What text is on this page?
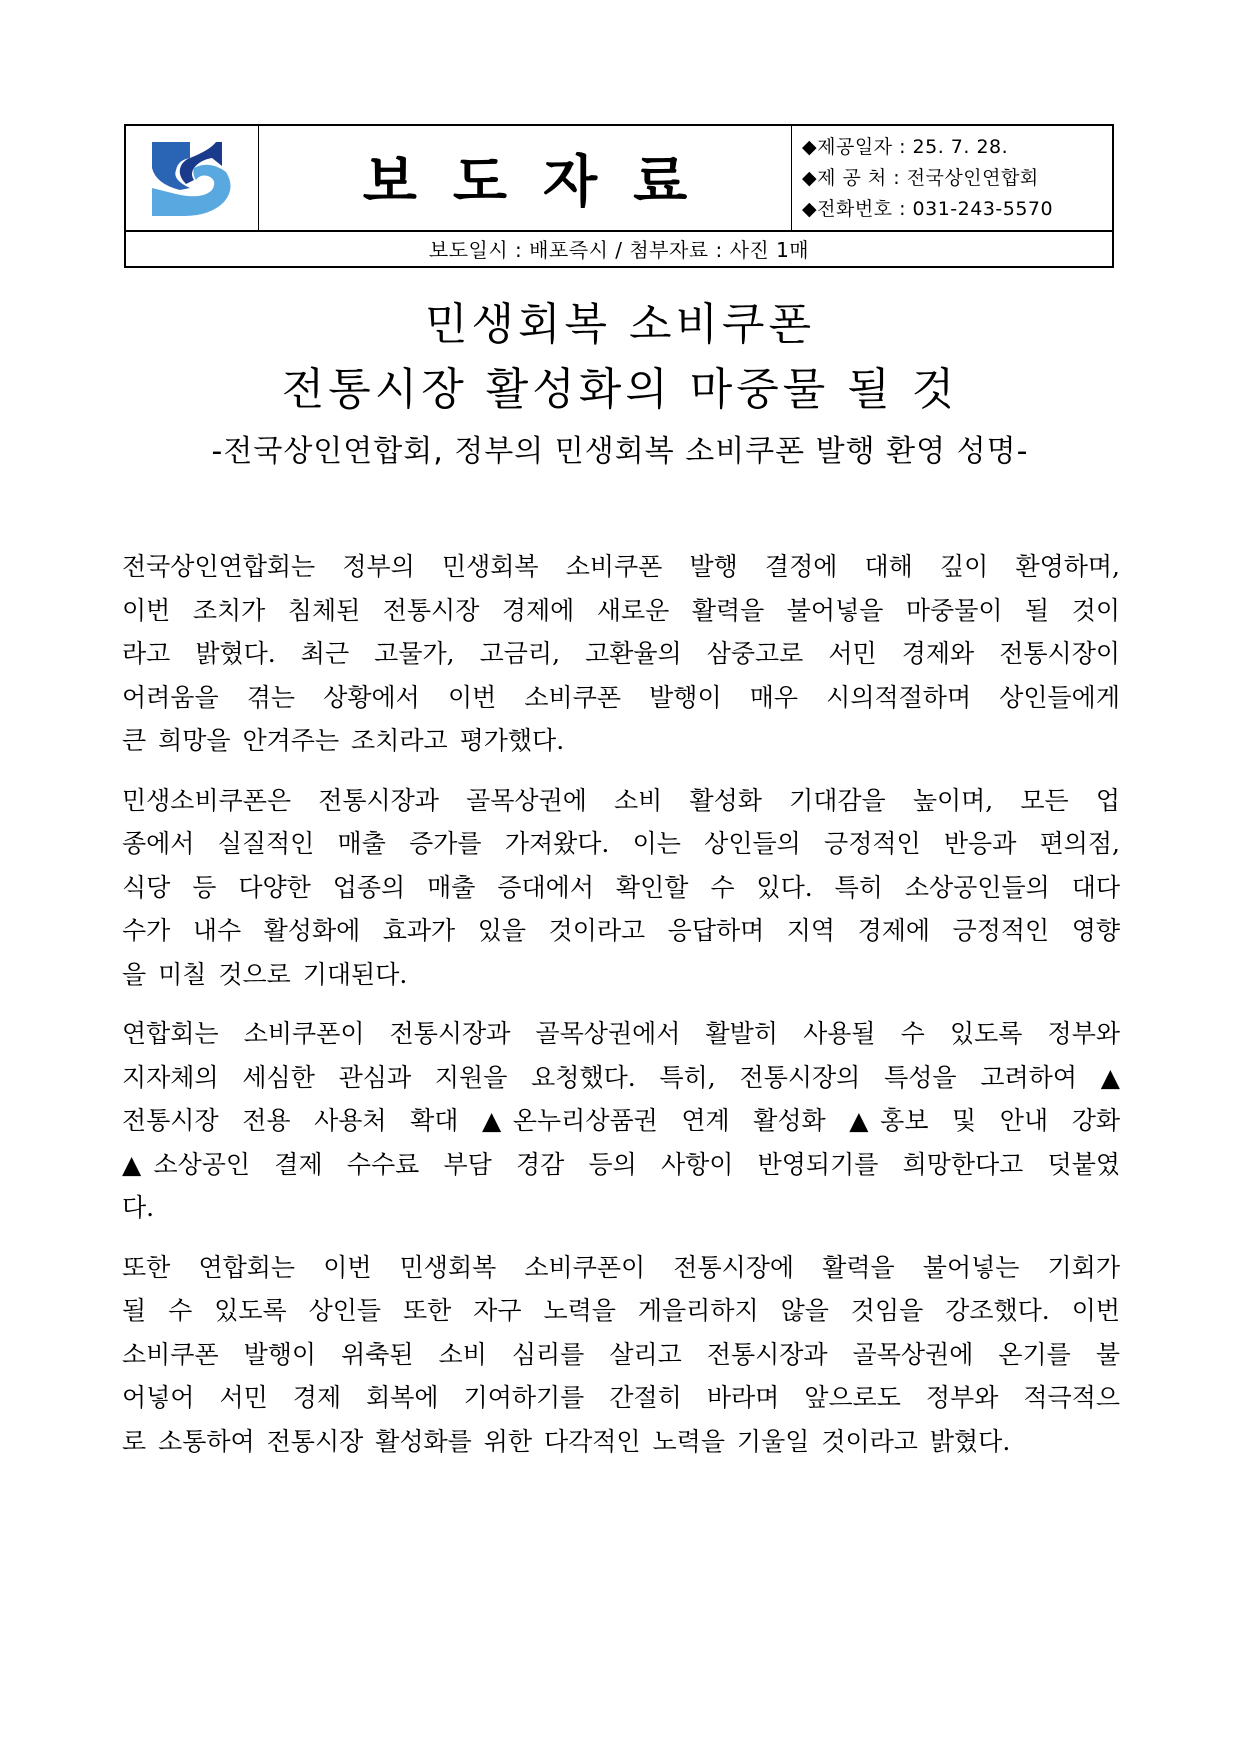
보도자료
◆제공일자 : 25. 7. 28.
◆제 공 처 : 전국상인연합회
◆전화번호 : 031-243-5570
보도일시 : 배포즉시 / 첨부자료 : 사진 1매
민생회복 소비쿠폰
전통시장 활성화의 마중물 될 것
-전국상인연합회, 정부의 민생회복 소비쿠폰 발행 환영 성명-

전국상인연합회는 정부의 민생회복 소비쿠폰 발행 결정에 대해 깊이 환영하며,
이번 조치가 침체된 전통시장 경제에 새로운 활력을 불어넣을 마중물이 될 것이
라고 밝혔다. 최근 고물가, 고금리, 고환율의 삼중고로 서민 경제와 전통시장이
어려움을 겪는 상황에서 이번 소비쿠폰 발행이 매우 시의적절하며 상인들에게
큰 희망을 안겨주는 조치라고 평가했다.

민생소비쿠폰은 전통시장과 골목상권에 소비 활성화 기대감을 높이며, 모든 업
종에서 실질적인 매출 증가를 가져왔다. 이는 상인들의 긍정적인 반응과 편의점,
식당 등 다양한 업종의 매출 증대에서 확인할 수 있다. 특히 소상공인들의 대다
수가 내수 활성화에 효과가 있을 것이라고 응답하며 지역 경제에 긍정적인 영향
을 미칠 것으로 기대된다.

연합회는 소비쿠폰이 전통시장과 골목상권에서 활발히 사용될 수 있도록 정부와
지자체의 세심한 관심과 지원을 요청했다. 특히, 전통시장의 특성을 고려하여 ▲
전통시장 전용 사용처 확대 ▲온누리상품권 연계 활성화 ▲홍보 및 안내 강화
▲소상공인 결제 수수료 부담 경감 등의 사항이 반영되기를 희망한다고 덧붙였
다.

또한 연합회는 이번 민생회복 소비쿠폰이 전통시장에 활력을 불어넣는 기회가
될 수 있도록 상인들 또한 자구 노력을 게을리하지 않을 것임을 강조했다. 이번
소비쿠폰 발행이 위축된 소비 심리를 살리고 전통시장과 골목상권에 온기를 불
어넣어 서민 경제 회복에 기여하기를 간절히 바라며 앞으로도 정부와 적극적으
로 소통하여 전통시장 활성화를 위한 다각적인 노력을 기울일 것이라고 밝혔다.
